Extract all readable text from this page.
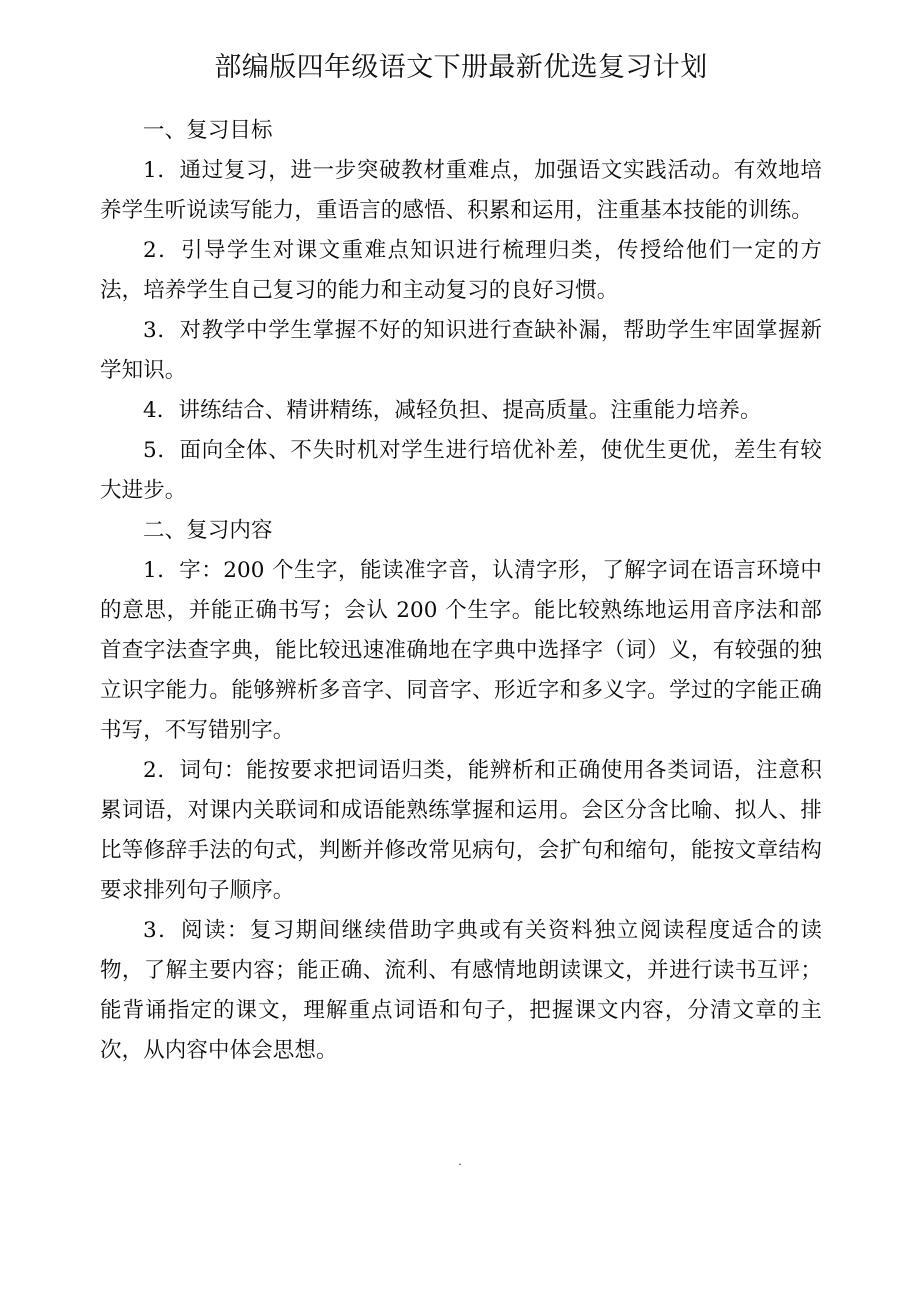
部编版四年级语文下册最新优选复习计划

一、复习目标

1．通过复习，进一步突破教材重难点，加强语文实践活动。有效地培养学生听说读写能力，重语言的感悟、积累和运用，注重基本技能的训练。

2．引导学生对课文重难点知识进行梳理归类，传授给他们一定的方法，培养学生自己复习的能力和主动复习的良好习惯。

3．对教学中学生掌握不好的知识进行查缺补漏，帮助学生牢固掌握新学知识。

4．讲练结合、精讲精练，减轻负担、提高质量。注重能力培养。

5．面向全体、不失时机对学生进行培优补差，使优生更优，差生有较大进步。

二、复习内容

1．字：200 个生字，能读准字音，认清字形，了解字词在语言环境中的意思，并能正确书写；会认 200 个生字。能比较熟练地运用音序法和部首查字法查字典，能比较迅速准确地在字典中选择字（词）义，有较强的独立识字能力。能够辨析多音字、同音字、形近字和多义字。学过的字能正确书写，不写错别字。

2．词句：能按要求把词语归类，能辨析和正确使用各类词语，注意积累词语，对课内关联词和成语能熟练掌握和运用。会区分含比喻、拟人、排比等修辞手法的句式，判断并修改常见病句，会扩句和缩句，能按文章结构要求排列句子顺序。

3．阅读：复习期间继续借助字典或有关资料独立阅读程度适合的读物，了解主要内容；能正确、流利、有感情地朗读课文，并进行读书互评；能背诵指定的课文，理解重点词语和句子，把握课文内容，分清文章的主次，从内容中体会思想。

.
